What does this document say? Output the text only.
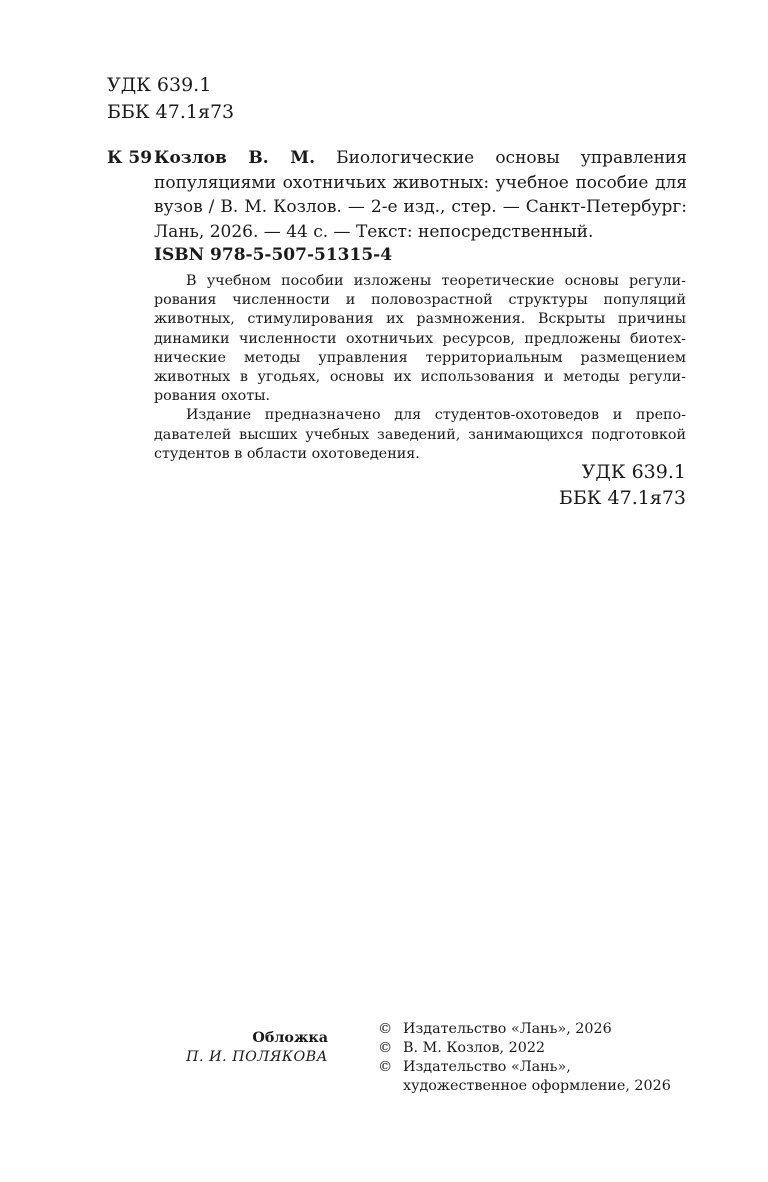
УДК 639.1
ББК 47.1я73
К 59 Козлов В. М. Биологические основы управления
популяциями охотничьих животных: учебное пособие для
вузов / В. М. Козлов. — 2-е изд., стер. — Санкт-Петербург:
Лань, 2026. — 44 с. — Текст: непосредственный.
ISBN 978-5-507-51315-4
В учебном пособии изложены теоретические основы регули-
рования численности и половозрастной структуры популяций
животных, стимулирования их размножения. Вскрыты причины
динамики численности охотничьих ресурсов, предложены биотех-
нические методы управления территориальным размещением
животных в угодьях, основы их использования и методы регули-
рования охоты.
Издание предназначено для студентов-охотоведов и препо-
давателей высших учебных заведений, занимающихся подготовкой
студентов в области охотоведения.
УДК 639.1
ББК 47.1я73
Обложка
П. И. ПОЛЯКОВА
© Издательство «Лань», 2026
© В. М. Козлов, 2022
© Издательство «Лань»,
художественное оформление, 2026
